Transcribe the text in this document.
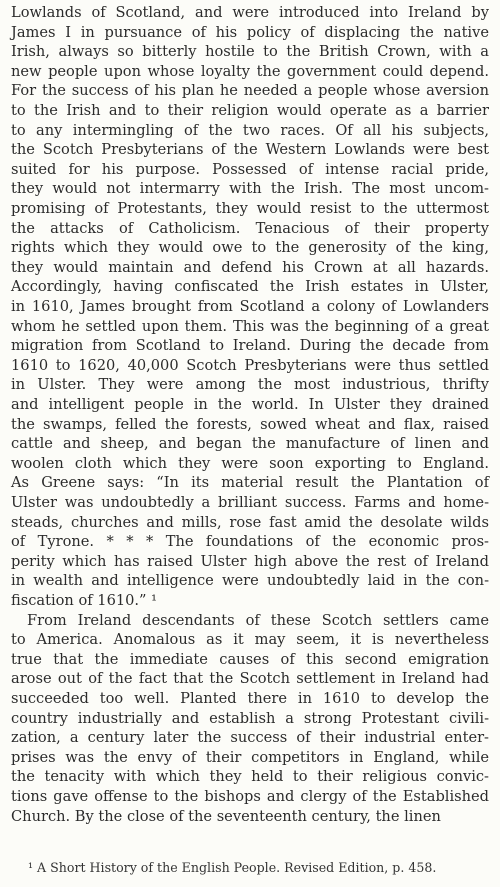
Lowlands of Scotland, and were introduced into Ireland by
James I in pursuance of his policy of displacing the native
Irish, always so bitterly hostile to the British Crown, with a
new people upon whose loyalty the government could depend.
For the success of his plan he needed a people whose aversion
to the Irish and to their religion would operate as a barrier
to any intermingling of the two races. Of all his subjects,
the Scotch Presbyterians of the Western Lowlands were best
suited for his purpose. Possessed of intense racial pride,
they would not intermarry with the Irish. The most uncom-
promising of Protestants, they would resist to the uttermost
the attacks of Catholicism. Tenacious of their property
rights which they would owe to the generosity of the king,
they would maintain and defend his Crown at all hazards.
Accordingly, having confiscated the Irish estates in Ulster,
in 1610, James brought from Scotland a colony of Lowlanders
whom he settled upon them. This was the beginning of a great
migration from Scotland to Ireland. During the decade from
1610 to 1620, 40,000 Scotch Presbyterians were thus settled
in Ulster. They were among the most industrious, thrifty
and intelligent people in the world. In Ulster they drained
the swamps, felled the forests, sowed wheat and flax, raised
cattle and sheep, and began the manufacture of linen and
woolen cloth which they were soon exporting to England.
As Greene says: “In its material result the Plantation of
Ulster was undoubtedly a brilliant success. Farms and home-
steads, churches and mills, rose fast amid the desolate wilds
of Tyrone. * * * The foundations of the economic pros-
perity which has raised Ulster high above the rest of Ireland
in wealth and intelligence were undoubtedly laid in the con-
fiscation of 1610.” ¹
From Ireland descendants of these Scotch settlers came
to America. Anomalous as it may seem, it is nevertheless
true that the immediate causes of this second emigration
arose out of the fact that the Scotch settlement in Ireland had
succeeded too well. Planted there in 1610 to develop the
country industrially and establish a strong Protestant civili-
zation, a century later the success of their industrial enter-
prises was the envy of their competitors in England, while
the tenacity with which they held to their religious convic-
tions gave offense to the bishops and clergy of the Established
Church. By the close of the seventeenth century, the linen
¹ A Short History of the English People. Revised Edition, p. 458.
